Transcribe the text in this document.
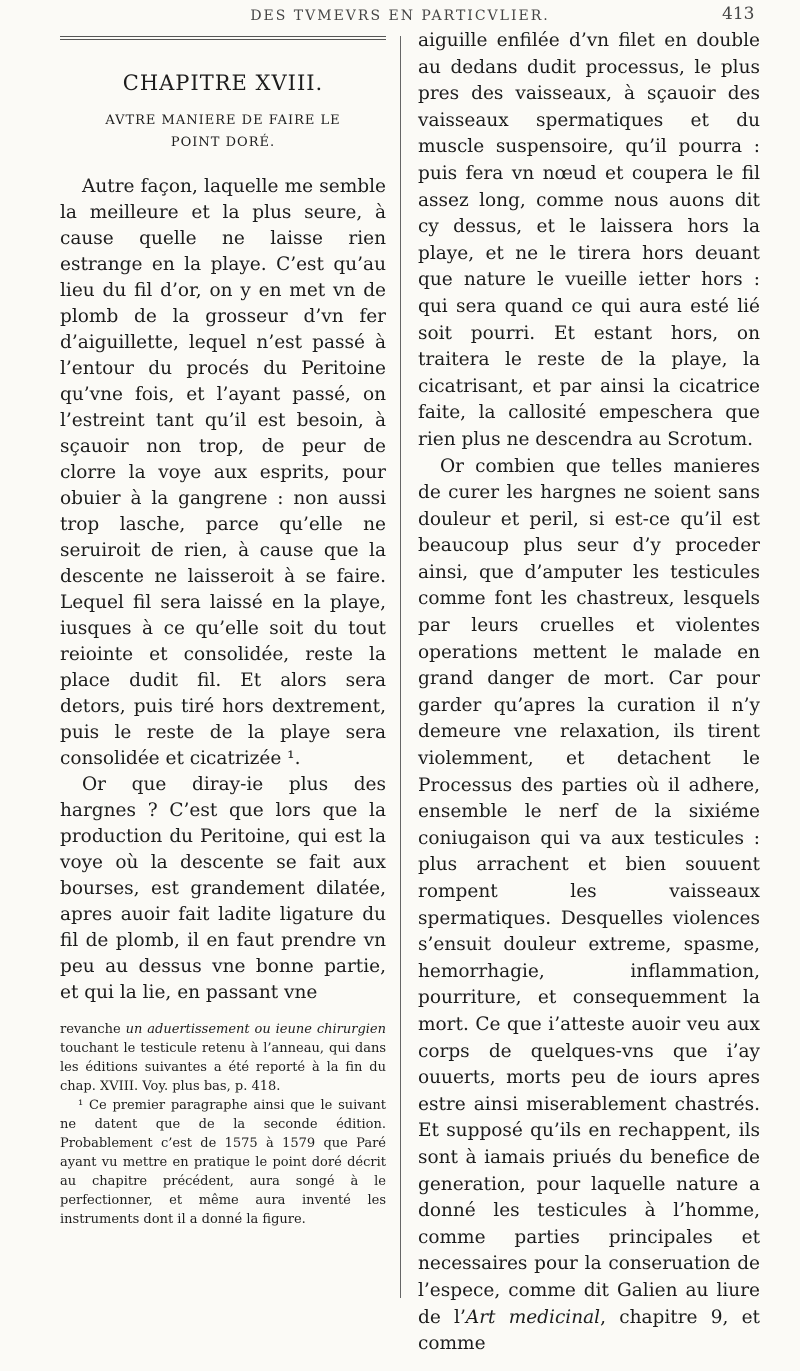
DES TVMEVRS EN PARTICVLIER.	413
CHAPITRE XVIII.
AVTRE MANIERE DE FAIRE LE POINT DORÉ.

Autre façon, laquelle me semble la meilleure et la plus seure, à cause quelle ne laisse rien estrange en la playe. C’est qu’au lieu du fil d’or, on y en met vn de plomb de la grosseur d’vn fer d’aiguillette, lequel n’est passé à l’entour du procés du Peritoine qu’vne fois, et l’ayant passé, on l’estreint tant qu’il est besoin, à sçauoir non trop, de peur de clorre la voye aux esprits, pour obuier à la gangrene : non aussi trop lasche, parce qu’elle ne seruiroit de rien, à cause que la descente ne laisseroit à se faire. Lequel fil sera laissé en la playe, iusques à ce qu’elle soit du tout reiointe et consolidée, reste la place dudit fil. Et alors sera detors, puis tiré hors dextrement, puis le reste de la playe sera consolidée et cicatrizée ¹.

Or que diray-ie plus des hargnes ? C’est que lors que la production du Peritoine, qui est la voye où la descente se fait aux bourses, est grandement dilatée, apres auoir fait ladite ligature du fil de plomb, il en faut prendre vn peu au dessus vne bonne partie, et qui la lie, en passant vne

revanche un aduertissement ou ieune chirurgien touchant le testicule retenu à l’anneau, qui dans les éditions suivantes a été reporté à la fin du chap. XVIII. Voy. plus bas, p. 418.

¹ Ce premier paragraphe ainsi que le suivant ne datent que de la seconde édition. Probablement c’est de 1575 à 1579 que Paré ayant vu mettre en pratique le point doré décrit au chapitre précédent, aura songé à le perfectionner, et même aura inventé les instruments dont il a donné la figure.

aiguille enfilée d’vn filet en double au dedans dudit processus, le plus pres des vaisseaux, à sçauoir des vaisseaux spermatiques et du muscle suspensoire, qu’il pourra : puis fera vn nœud et coupera le fil assez long, comme nous auons dit cy dessus, et le laissera hors la playe, et ne le tirera hors deuant que nature le vueille ietter hors : qui sera quand ce qui aura esté lié soit pourri. Et estant hors, on traitera le reste de la playe, la cicatrisant, et par ainsi la cicatrice faite, la callosité empeschera que rien plus ne descendra au Scrotum.

Or combien que telles manieres de curer les hargnes ne soient sans douleur et peril, si est-ce qu’il est beaucoup plus seur d’y proceder ainsi, que d’amputer les testicules comme font les chastreux, lesquels par leurs cruelles et violentes operations mettent le malade en grand danger de mort. Car pour garder qu’apres la curation il n’y demeure vne relaxation, ils tirent violemment, et detachent le Processus des parties où il adhere, ensemble le nerf de la sixiéme coniugaison qui va aux testicules : plus arrachent et bien souuent rompent les vaisseaux spermatiques. Desquelles violences s’ensuit douleur extreme, spasme, hemorrhagie, inflammation, pourriture, et consequemment la mort. Ce que i’atteste auoir veu aux corps de quelques-vns que i’ay ouuerts, morts peu de iours apres estre ainsi miserablement chastrés. Et supposé qu’ils en rechappent, ils sont à iamais priués du benefice de generation, pour laquelle nature a donné les testicules à l’homme, comme parties principales et necessaires pour la conseruation de l’espece, comme dit Galien au liure de l’Art medicinal, chapitre 9, et comme
